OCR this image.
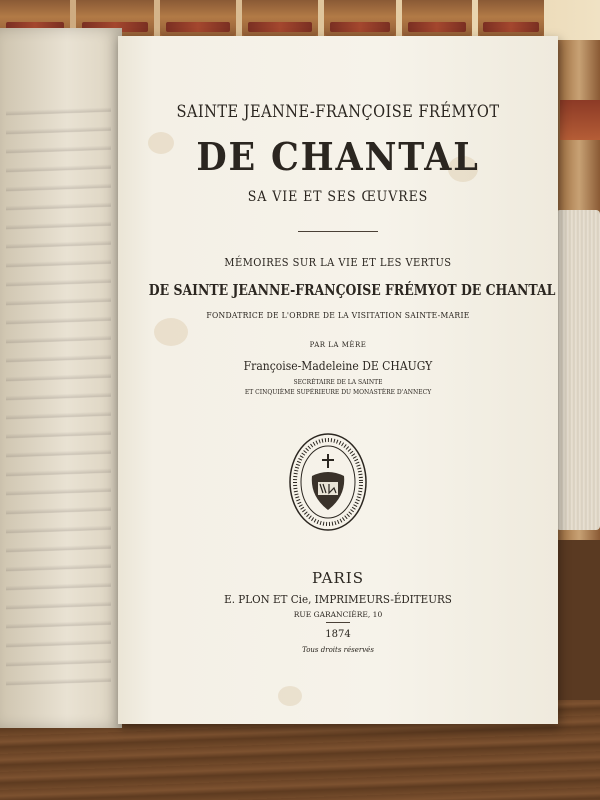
SAINTE JEANNE-FRANÇOISE FRÉMYOT
DE CHANTAL
SA VIE ET SES ŒUVRES
MÉMOIRES SUR LA VIE ET LES VERTUS
DE SAINTE JEANNE-FRANÇOISE FRÉMYOT DE CHANTAL
FONDATRICE DE L'ORDRE DE LA VISITATION SAINTE-MARIE
PAR LA MÈRE
Françoise-Madeleine DE CHAUGY
SECRÉTAIRE DE LA SAINTE
ET CINQUIÈME SUPÉRIEURE DU MONASTÈRE D'ANNECY
PARIS
E. PLON ET Cie, IMPRIMEURS-ÉDITEURS
RUE GARANCIÈRE, 10
1874
Tous droits réservés
